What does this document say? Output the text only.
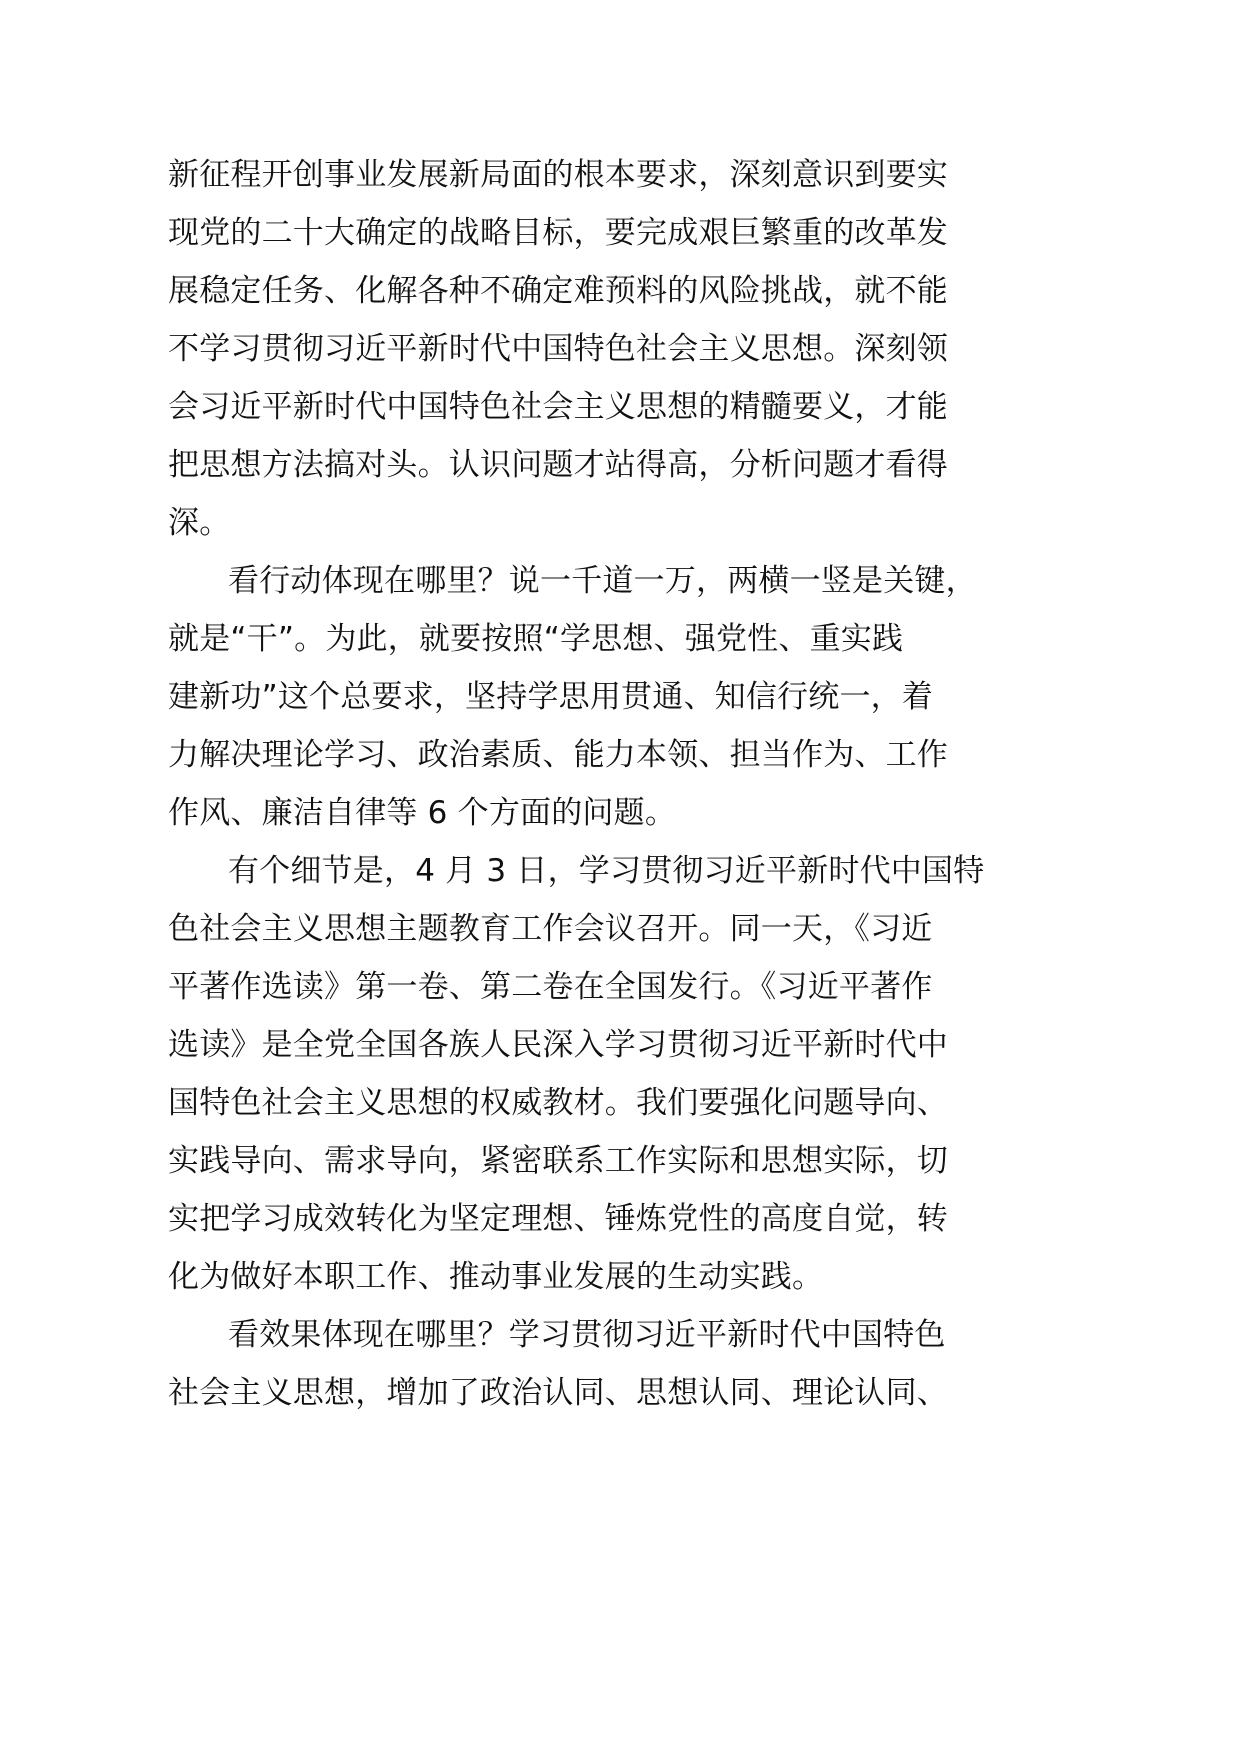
新征程开创事业发展新局面的根本要求，深刻意识到要实
现党的二十大确定的战略目标，要完成艰巨繁重的改革发
展稳定任务、化解各种不确定难预料的风险挑战，就不能
不学习贯彻习近平新时代中国特色社会主义思想。深刻领
会习近平新时代中国特色社会主义思想的精髓要义，才能
把思想方法搞对头。认识问题才站得高，分析问题才看得
深。
看行动体现在哪里？说一千道一万，两横一竖是关键，
就是“干”。为此，就要按照“学思想、强党性、重实践
建新功”这个总要求，坚持学思用贯通、知信行统一，着
力解决理论学习、政治素质、能力本领、担当作为、工作
作风、廉洁自律等 6 个方面的问题。
有个细节是，4 月 3 日，学习贯彻习近平新时代中国特
色社会主义思想主题教育工作会议召开。同一天，《习近
平著作选读》第一卷、第二卷在全国发行。《习近平著作
选读》是全党全国各族人民深入学习贯彻习近平新时代中
国特色社会主义思想的权威教材。我们要强化问题导向、
实践导向、需求导向，紧密联系工作实际和思想实际，切
实把学习成效转化为坚定理想、锤炼党性的高度自觉，转
化为做好本职工作、推动事业发展的生动实践。
看效果体现在哪里？学习贯彻习近平新时代中国特色
社会主义思想，增加了政治认同、思想认同、理论认同、
